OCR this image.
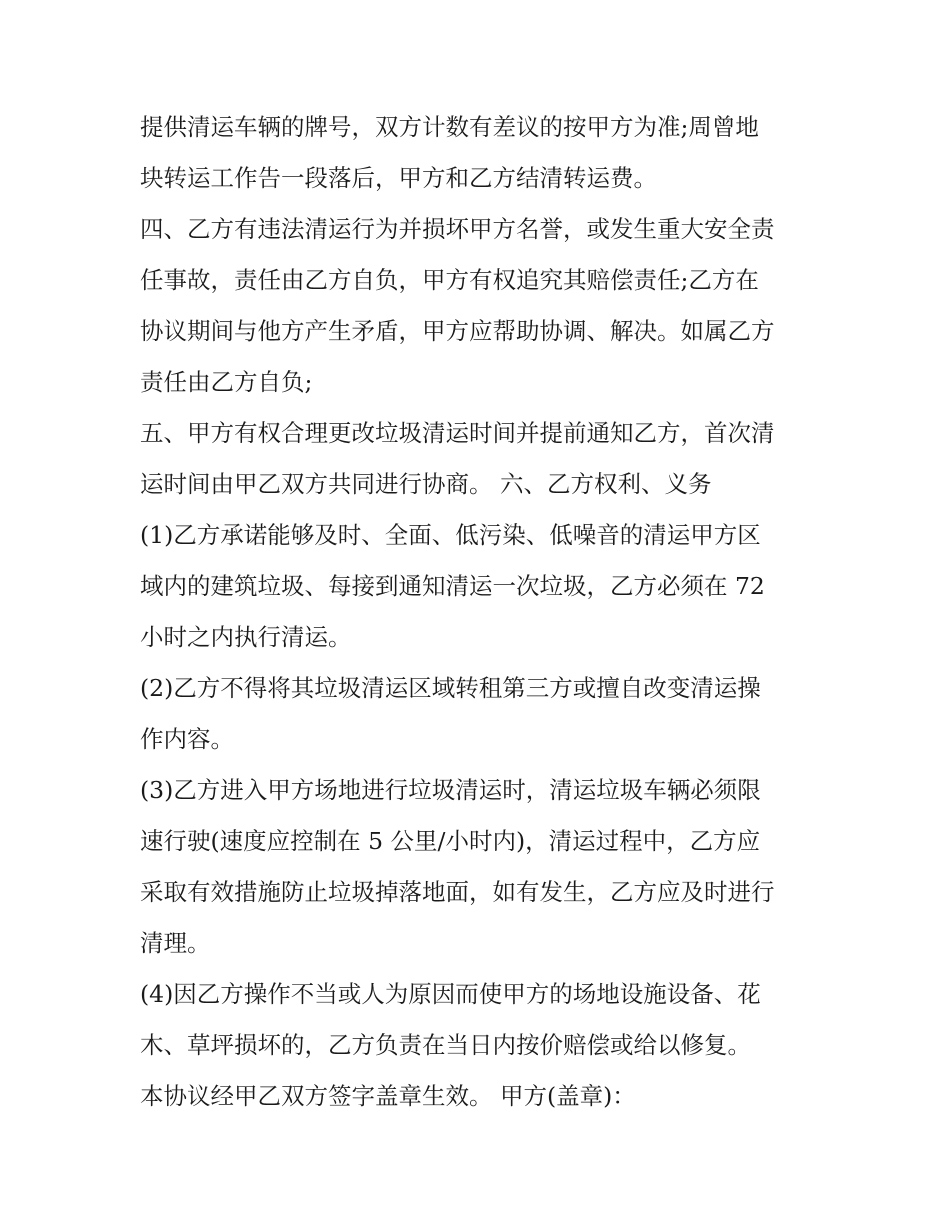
提供清运车辆的牌号，双方计数有差议的按甲方为准;周曾地
块转运工作告一段落后，甲方和乙方结清转运费。
四、乙方有违法清运行为并损坏甲方名誉，或发生重大安全责
任事故，责任由乙方自负，甲方有权追究其赔偿责任;乙方在
协议期间与他方产生矛盾，甲方应帮助协调、解决。如属乙方
责任由乙方自负;
五、甲方有权合理更改垃圾清运时间并提前通知乙方，首次清
运时间由甲乙双方共同进行协商。 六、乙方权利、义务
(1)乙方承诺能够及时、全面、低污染、低噪音的清运甲方区
域内的建筑垃圾、每接到通知清运一次垃圾，乙方必须在 72
小时之内执行清运。
(2)乙方不得将其垃圾清运区域转租第三方或擅自改变清运操
作内容。
(3)乙方进入甲方场地进行垃圾清运时，清运垃圾车辆必须限
速行驶(速度应控制在 5 公里/小时内)，清运过程中，乙方应
采取有效措施防止垃圾掉落地面，如有发生，乙方应及时进行
清理。
(4)因乙方操作不当或人为原因而使甲方的场地设施设备、花
木、草坪损坏的，乙方负责在当日内按价赔偿或给以修复。
本协议经甲乙双方签字盖章生效。 甲方(盖章)：
